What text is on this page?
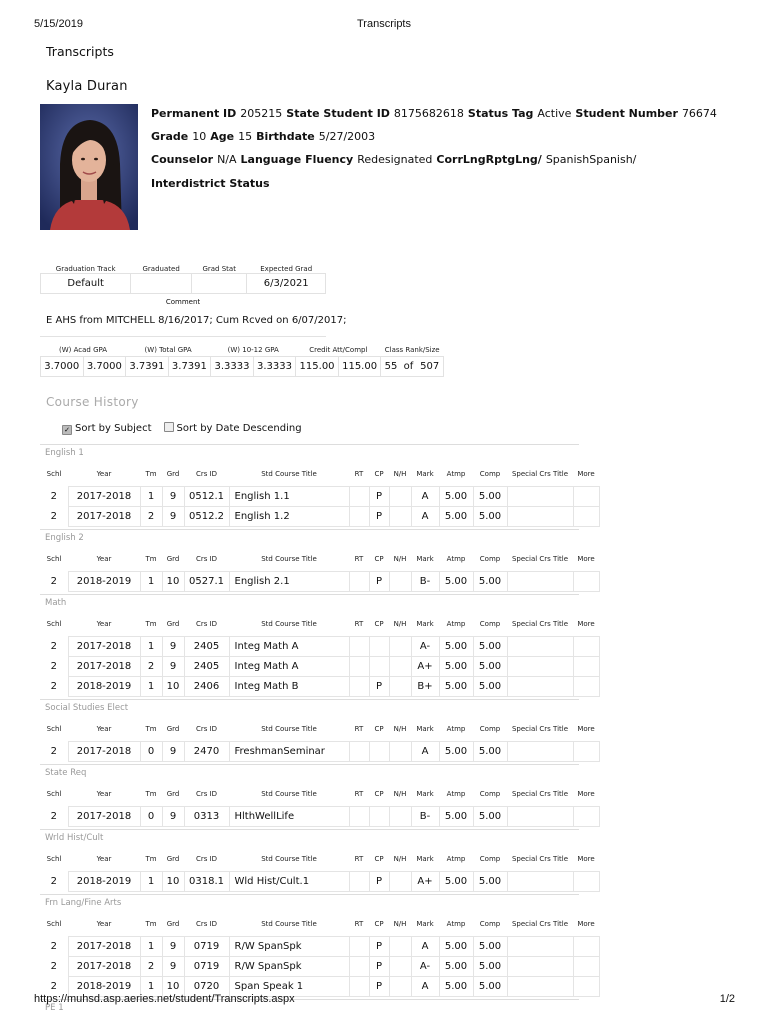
5/15/2019	Transcripts
Transcripts
Kayla Duran
Permanent ID 205215 State Student ID 8175682618 Status Tag Active Student Number 76674
Grade 10 Age 15 Birthdate 5/27/2003
Counselor N/A Language Fluency Redesignated CorrLngRptgLng/ SpanishSpanish/
Interdistrict Status
Graduation Track	Graduated	Grad Stat	Expected Grad
Default			6/3/2021
Comment
E AHS from MITCHELL 8/16/2017; Cum Rcved on 6/07/2017;
(W) Acad GPA		(W) Total GPA		(W) 10-12 GPA		Credit Att/Compl		Class Rank/Size		
3.7000	3.7000	3.7391	3.7391	3.3333	3.3333	115.00	115.00	55	of	507
Course History
✓ Sort by Subject	Sort by Date Descending
English 1
Schl	Year	Tm	Grd	Crs ID	Std Course Title	RT	CP	N/H	Mark	Atmp	Comp	Special Crs Title	More
2	2017-2018	1	9	0512.1	English 1.1		P		A	5.00	5.00		
2	2017-2018	2	9	0512.2	English 1.2		P		A	5.00	5.00		
English 2
Schl	Year	Tm	Grd	Crs ID	Std Course Title	RT	CP	N/H	Mark	Atmp	Comp	Special Crs Title	More
2	2018-2019	1	10	0527.1	English 2.1		P		B-	5.00	5.00		
Math
Schl	Year	Tm	Grd	Crs ID	Std Course Title	RT	CP	N/H	Mark	Atmp	Comp	Special Crs Title	More
2	2017-2018	1	9	2405	Integ Math A				A-	5.00	5.00		
2	2017-2018	2	9	2405	Integ Math A				A+	5.00	5.00		
2	2018-2019	1	10	2406	Integ Math B		P		B+	5.00	5.00		
Social Studies Elect
Schl	Year	Tm	Grd	Crs ID	Std Course Title	RT	CP	N/H	Mark	Atmp	Comp	Special Crs Title	More
2	2017-2018	0	9	2470	FreshmanSeminar				A	5.00	5.00		
State Req
Schl	Year	Tm	Grd	Crs ID	Std Course Title	RT	CP	N/H	Mark	Atmp	Comp	Special Crs Title	More
2	2017-2018	0	9	0313	HlthWellLife				B-	5.00	5.00		
Wrld Hist/Cult
Schl	Year	Tm	Grd	Crs ID	Std Course Title	RT	CP	N/H	Mark	Atmp	Comp	Special Crs Title	More
2	2018-2019	1	10	0318.1	Wld Hist/Cult.1		P		A+	5.00	5.00		
Frn Lang/Fine Arts
Schl	Year	Tm	Grd	Crs ID	Std Course Title	RT	CP	N/H	Mark	Atmp	Comp	Special Crs Title	More
2	2017-2018	1	9	0719	R/W SpanSpk		P		A	5.00	5.00		
2	2017-2018	2	9	0719	R/W SpanSpk		P		A-	5.00	5.00		
2	2018-2019	1	10	0720	Span Speak 1		P		A	5.00	5.00		
PE 1
https://muhsd.asp.aeries.net/student/Transcripts.aspx	1/2
